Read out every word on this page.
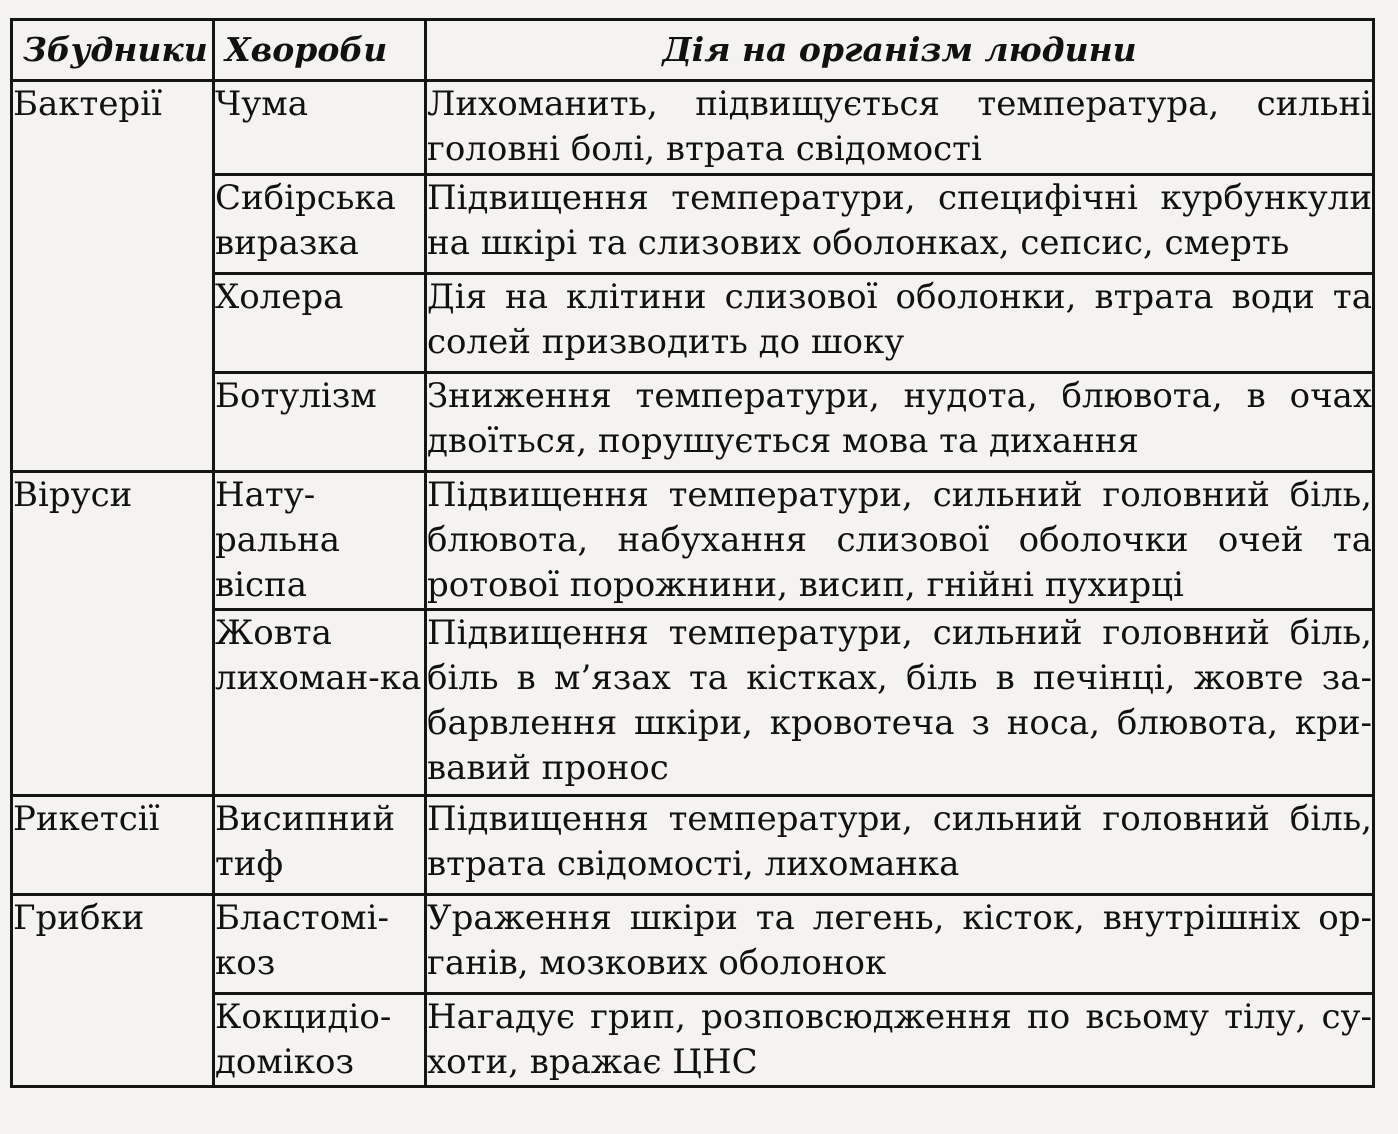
Збудники	Хвороби	Дія на організм людини
Бактерії	Чума	Лихоманить, підвищується температура, сильні головні болі, втрата свідомості

	Сибірська виразка	Підвищення температури, специфічні курбункули на шкірі та слизових оболонках, сепсис, смерть

	Холера	Дія на клітини слизової оболонки, втрата води та солей призводить до шоку

	Ботулізм	Зниження температури, нудота, блювота, в очах двоїться, порушується мова та дихання

Віруси	Нату-ральна віспа	Підвищення температури, сильний головний біль, блювота, набухання слизової оболочки очей та ротової порожнини, висип, гнійні пухирці

	Жовта лихоман-ка	Підвищення температури, сильний головний біль, біль в м’язах та кістках, біль в печінці, жовте за-барвлення шкіри, кровотеча з носа, блювота, кри-вавий пронос

Рикетсії	Висипний тиф	Підвищення температури, сильний головний біль, втрата свідомості, лихоманка

Грибки	Бластомі-коз	Ураження шкіри та легень, кісток, внутрішніх ор-ганів, мозкових оболонок

	Кокцидіо-домікоз	Нагадує грип, розповсюдження по всьому тілу, су-хоти, вражає ЦНС
